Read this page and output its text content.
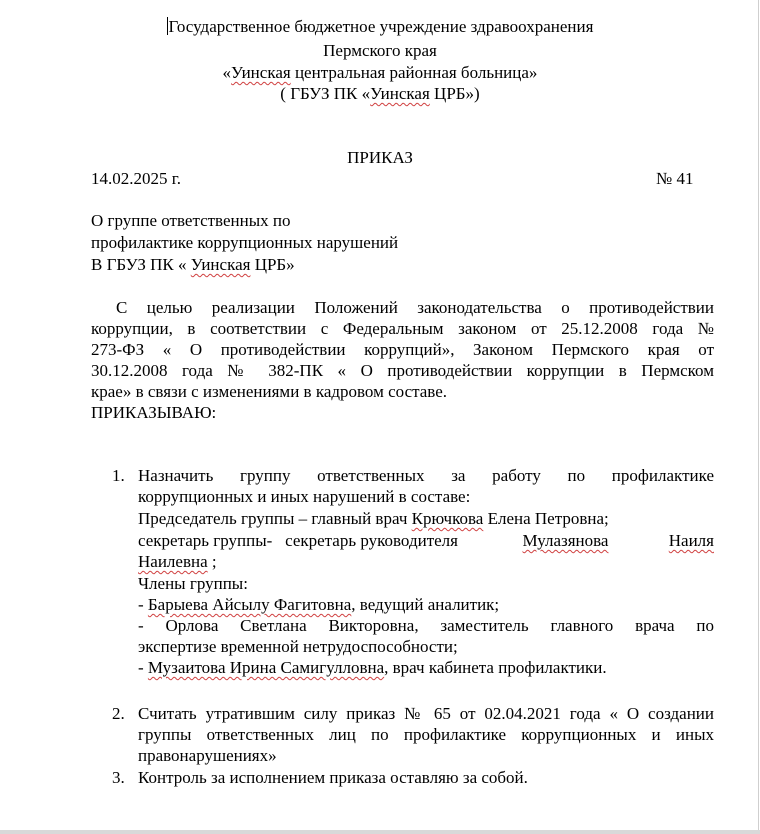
Государственное бюджетное учреждение здравоохранения
Пермского края
«Уинская центральная районная больница»
( ГБУЗ ПК «Уинская ЦРБ»)
ПРИКАЗ
14.02.2025 г.	№ 41
О группе ответственных по
профилактике коррупционных нарушений
В ГБУЗ ПК « Уинская ЦРБ»
С целью реализации Положений законодательства о противодействии
коррупции, в соответствии с Федеральным законом от 25.12.2008 года №
273-ФЗ « О противодействии коррупций», Законом Пермского края от
30.12.2008 года № 382-ПК « О противодействии коррупции в Пермском
крае» в связи с изменениями в кадровом составе.
ПРИКАЗЫВАЮ:
1. Назначить группу ответственных за работу по профилактике
коррупционных и иных нарушений в составе:
Председатель группы – главный врач Крючкова Елена Петровна;
секретарь группы-   секретарь руководителя	Мулазянова	Наиля
Наилевна ;
Члены группы:
- Барыева Айсылу Фагитовна, ведущий аналитик;
- Орлова Светлана Викторовна, заместитель главного врача по
экспертизе временной нетрудоспособности;
- Музаитова Ирина Самигулловна, врач кабинета профилактики.
2. Считать утратившим силу приказ № 65 от 02.04.2021 года « О создании
группы ответственных лиц по профилактике коррупционных и иных
правонарушениях»
3. Контроль за исполнением приказа оставляю за собой.
